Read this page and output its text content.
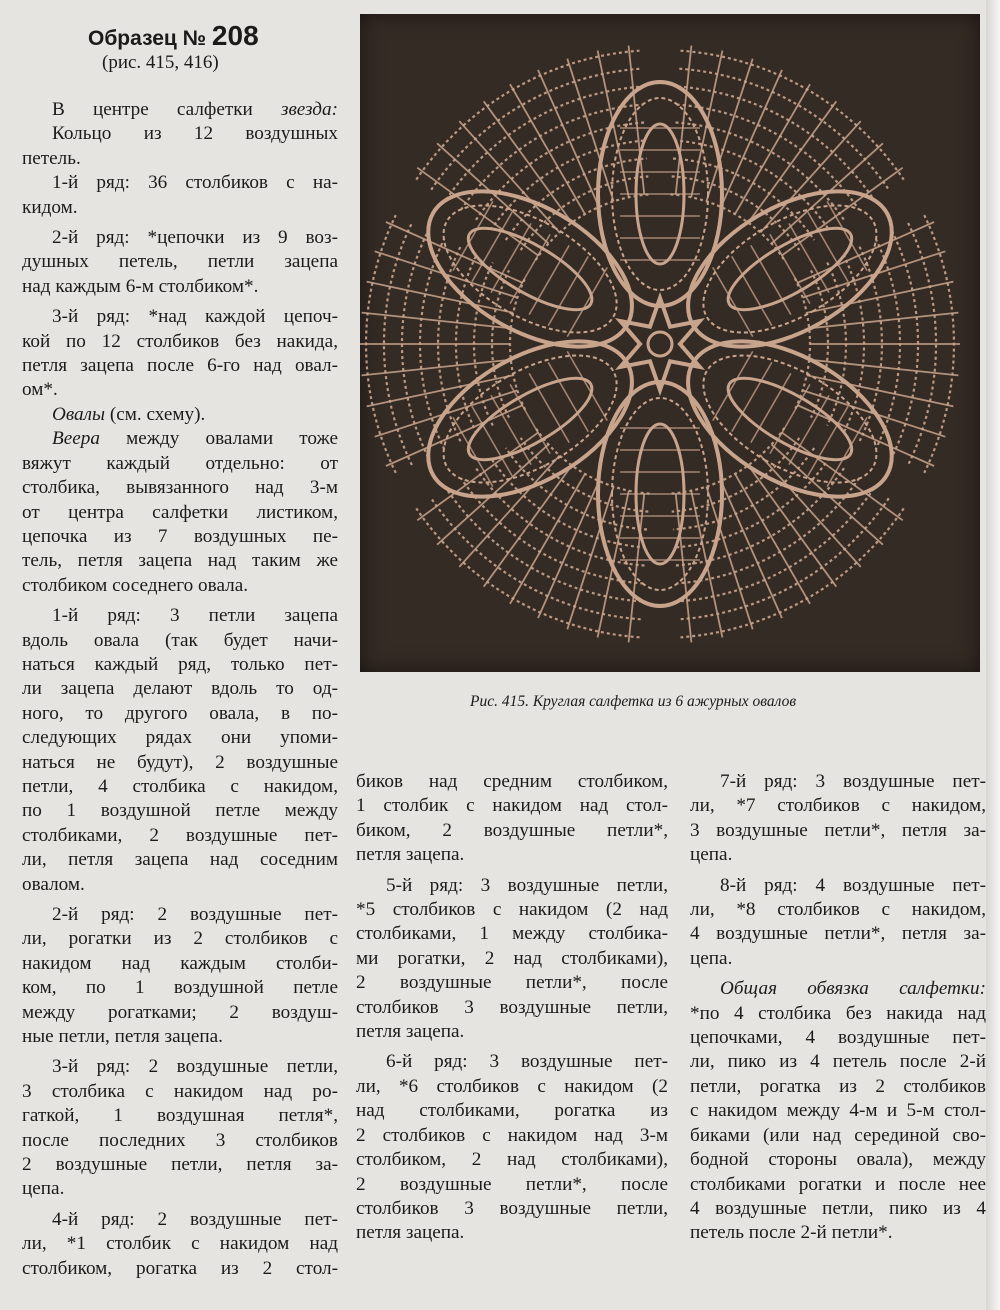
Образец № 208
(рис. 415, 416)
В центре салфетки звезда:
Кольцо из 12 воздушных
петель.
1-й ряд: 36 столбиков с на-
кидом.
2-й ряд: *цепочки из 9 воз-
душных петель, петли зацепа
над каждым 6-м столбиком*.
3-й ряд: *над каждой цепоч-
кой по 12 столбиков без накида,
петля зацепа после 6-го над овал-
ом*.
Овалы (см. схему).
Веера между овалами тоже
вяжут каждый отдельно: от
столбика, вывязанного над 3-м
от центра салфетки листиком,
цепочка из 7 воздушных пе-
тель, петля зацепа над таким же
столбиком соседнего овала.
1-й ряд: 3 петли зацепа
вдоль овала (так будет начи-
наться каждый ряд, только пет-
ли зацепа делают вдоль то од-
ного, то другого овала, в по-
следующих рядах они упоми-
наться не будут), 2 воздушные
петли, 4 столбика с накидом,
по 1 воздушной петле между
столбиками, 2 воздушные пет-
ли, петля зацепа над соседним
овалом.
2-й ряд: 2 воздушные пет-
ли, рогатки из 2 столбиков с
накидом над каждым столби-
ком, по 1 воздушной петле
между рогатками; 2 воздуш-
ные петли, петля зацепа.
3-й ряд: 2 воздушные петли,
3 столбика с накидом над ро-
гаткой, 1 воздушная петля*,
после последних 3 столбиков
2 воздушные петли, петля за-
цепа.
4-й ряд: 2 воздушные пет-
ли, *1 столбик с накидом над
столбиком, рогатка из 2 стол-
Рис. 415. Круглая салфетка из 6 ажурных овалов
биков над средним столбиком,
1 столбик с накидом над стол-
биком, 2 воздушные петли*,
петля зацепа.
5-й ряд: 3 воздушные петли,
*5 столбиков с накидом (2 над
столбиками, 1 между столбика-
ми рогатки, 2 над столбиками),
2 воздушные петли*, после
столбиков 3 воздушные петли,
петля зацепа.
6-й ряд: 3 воздушные пет-
ли, *6 столбиков с накидом (2
над столбиками, рогатка из
2 столбиков с накидом над 3-м
столбиком, 2 над столбиками),
2 воздушные петли*, после
столбиков 3 воздушные петли,
петля зацепа.
7-й ряд: 3 воздушные пет-
ли, *7 столбиков с накидом,
3 воздушные петли*, петля за-
цепа.
8-й ряд: 4 воздушные пет-
ли, *8 столбиков с накидом,
4 воздушные петли*, петля за-
цепа.
Общая обвязка салфетки:
*по 4 столбика без накида над
цепочками, 4 воздушные пет-
ли, пико из 4 петель после 2-й
петли, рогатка из 2 столбиков
с накидом между 4-м и 5-м стол-
биками (или над серединой сво-
бодной стороны овала), между
столбиками рогатки и после нее
4 воздушные петли, пико из 4
петель после 2-й петли*.
